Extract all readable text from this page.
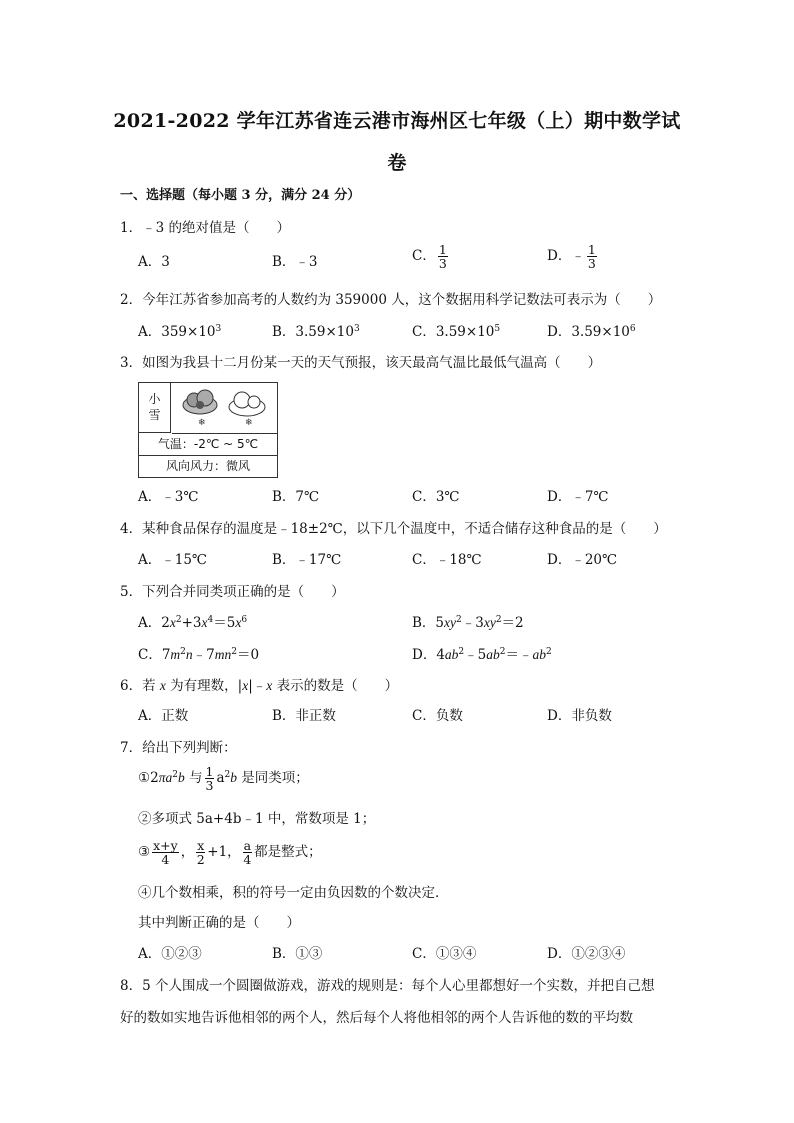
2021-2022 学年江苏省连云港市海州区七年级（上）期中数学试
卷
一、选择题（每小题 3 分，满分 24 分）
1．﹣3 的绝对值是（　　）
A．3	B．﹣3	C． $\frac{1}{3}$	D．﹣ $\frac{1}{3}$
2．今年江苏省参加高考的人数约为 359000 人，这个数据用科学记数法可表示为（　　）
A．$359\times 10^3$	B．$3.59\times 10^3$	C．$3.59\times 10^5$	D．$3.59\times 10^6$
3．如图为我县十二月份某一天的天气预报，该天最高气温比最低气温高（　　）
小
雪
❄	❄
气温：-2℃ ~ 5℃
风向风力：微风
A．﹣3℃	B．7℃	C．3℃	D．﹣7℃
4．某种食品保存的温度是﹣18±2℃，以下几个温度中，不适合储存这种食品的是（　　）
A．﹣15℃	B．﹣17℃	C．﹣18℃	D．﹣20℃
5．下列合并同类项正确的是（　　）
A．$2x^2+3x^4=5x^6$	B．$5xy^2﹣3xy^2=2$
C．$7m^2n﹣7mn^2=0$	D．$4ab^2﹣5ab^2=﹣ab^2$
6．若 x 为有理数，|x|﹣x 表示的数是（　　）
A．正数	B．非正数	C．负数	D．非负数
7．给出下列判断：
$①2\pi a^2b$ 与 $\frac{1}{3} a^2b$ 是同类项；
②多项式 5a+4b﹣1 中，常数项是 1；
③ $\frac{x+y}{4}$ ， $\frac{x}{2} +1$， $\frac{a}{4}$ 都是整式；
④几个数相乘，积的符号一定由负因数的个数决定．
其中判断正确的是（　　）
A．①②③	B．①③	C．①③④	D．①②③④
8．5 个人围成一个圆圈做游戏，游戏的规则是：每个人心里都想好一个实数，并把自己想
好的数如实地告诉他相邻的两个人，然后每个人将他相邻的两个人告诉他的数的平均数
